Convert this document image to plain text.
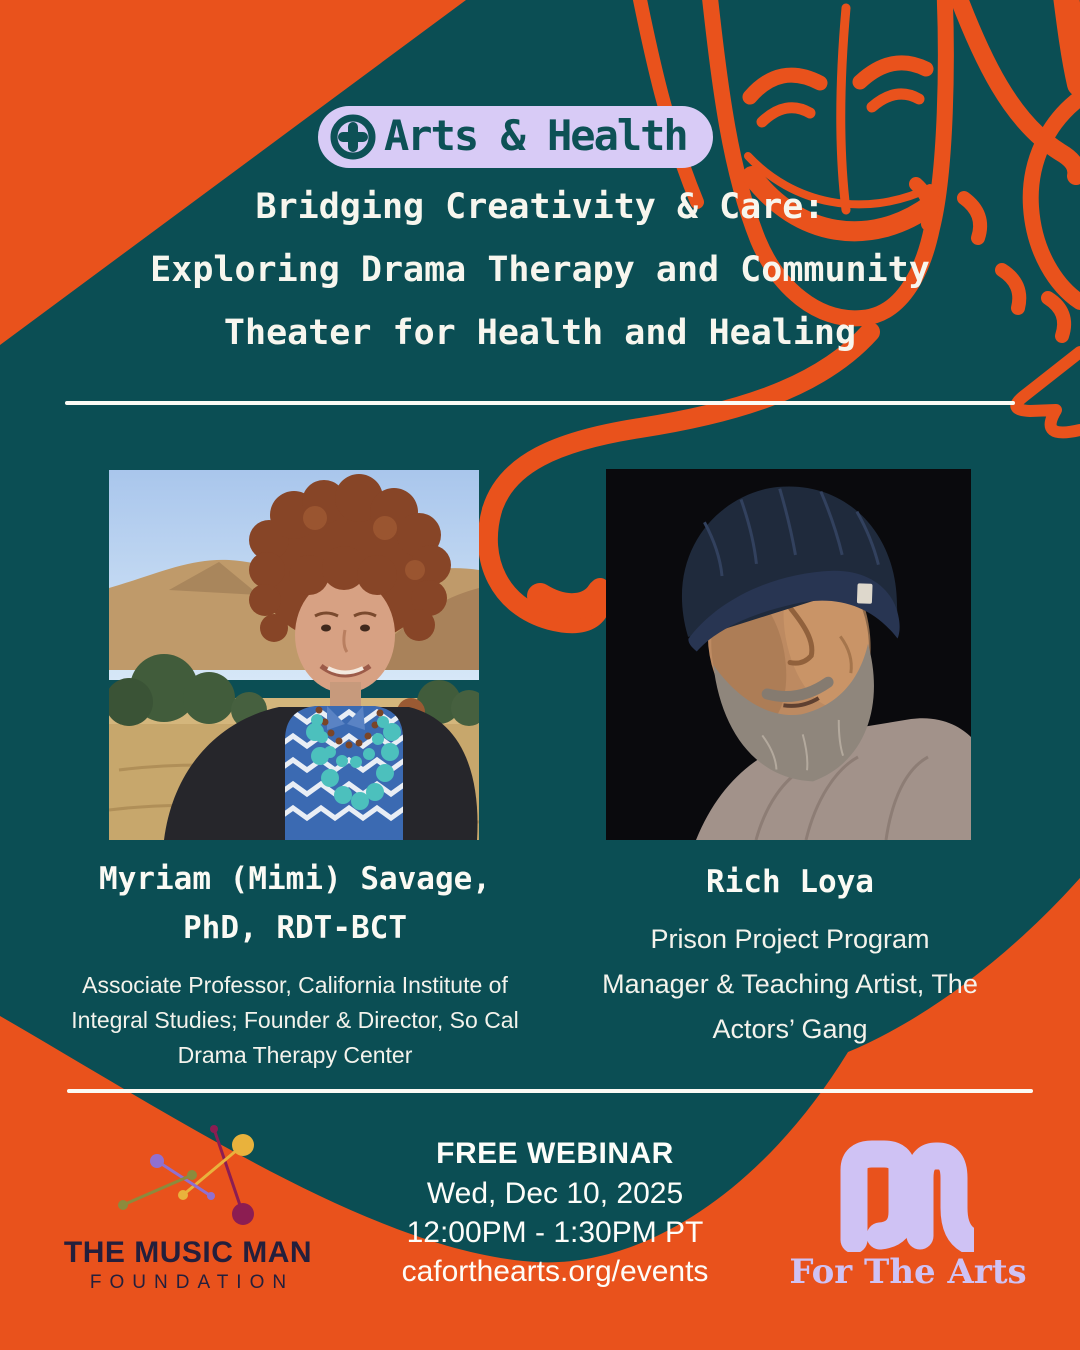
Arts & Health
Bridging Creativity & Care:
Exploring Drama Therapy and Community
Theater for Health and Healing
Myriam (Mimi) Savage,
PhD, RDT-BCT
Associate Professor, California Institute of
Integral Studies; Founder & Director, So Cal
Drama Therapy Center
Rich Loya
Prison Project Program
Manager & Teaching Artist, The
Actors’ Gang
THE MUSIC MAN
FOUNDATION
FREE WEBINAR
Wed, Dec 10, 2025
12:00PM - 1:30PM PT
caforthearts.org/events	For The Arts
